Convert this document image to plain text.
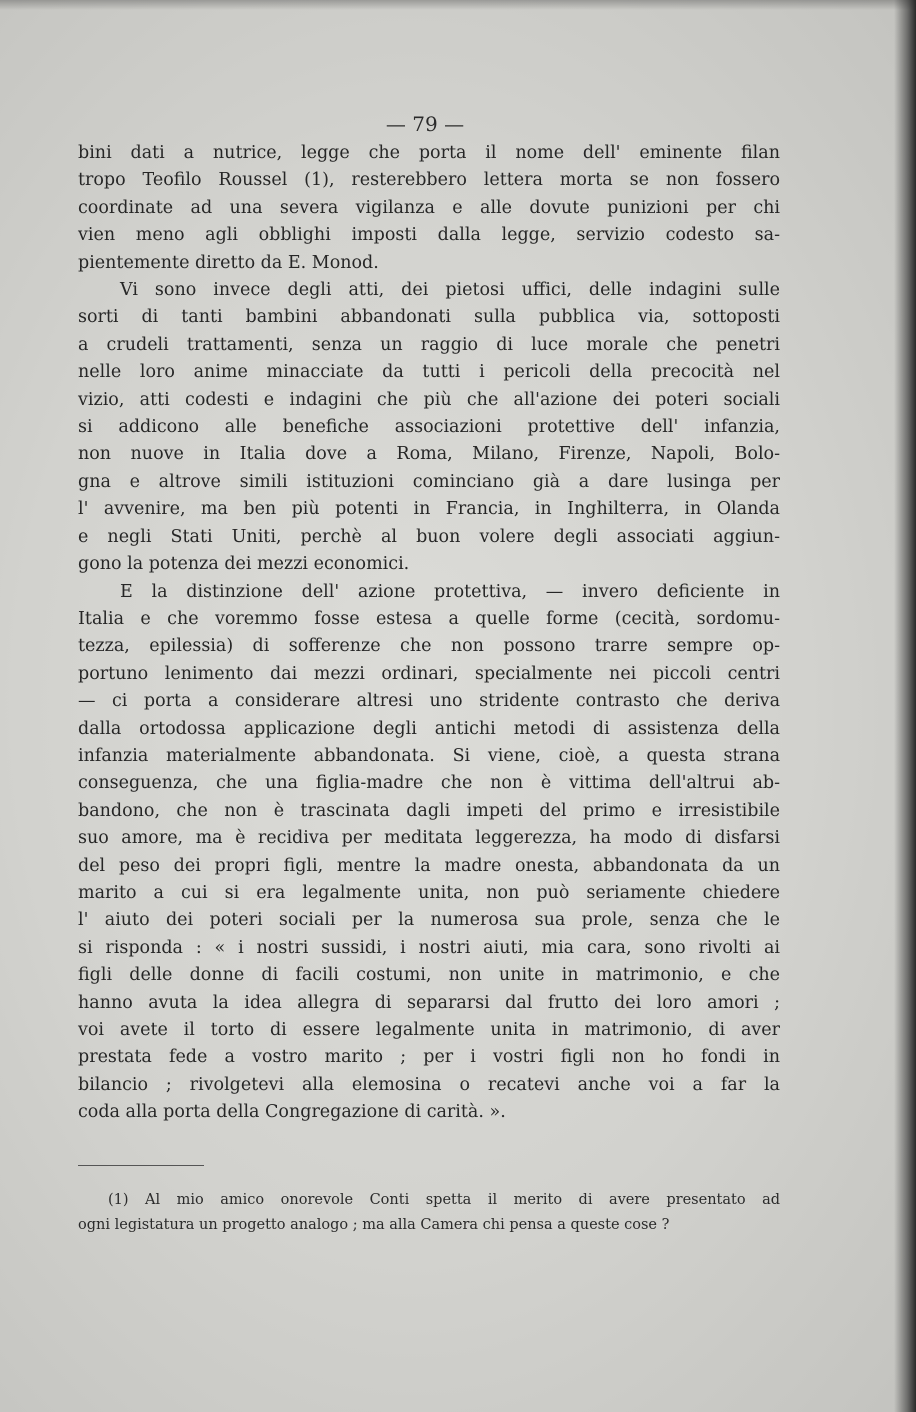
— 79 —
bini dati a nutrice, legge che porta il nome dell' eminente filan
tropo Teofilo Roussel (1), resterebbero lettera morta se non fossero
coordinate ad una severa vigilanza e alle dovute punizioni per chi
vien meno agli obblighi imposti dalla legge, servizio codesto sa-
pientemente diretto da E. Monod.
Vi sono invece degli atti, dei pietosi uffici, delle indagini sulle
sorti di tanti bambini abbandonati sulla pubblica via, sottoposti
a crudeli trattamenti, senza un raggio di luce morale che penetri
nelle loro anime minacciate da tutti i pericoli della precocità nel
vizio, atti codesti e indagini che più che all'azione dei poteri sociali
si addicono alle benefiche associazioni protettive dell' infanzia,
non nuove in Italia dove a Roma, Milano, Firenze, Napoli, Bolo-
gna e altrove simili istituzioni cominciano già a dare lusinga per
l' avvenire, ma ben più potenti in Francia, in Inghilterra, in Olanda
e negli Stati Uniti, perchè al buon volere degli associati aggiun-
gono la potenza dei mezzi economici.
E la distinzione dell' azione protettiva, — invero deficiente in
Italia e che voremmo fosse estesa a quelle forme (cecità, sordomu-
tezza, epilessia) di sofferenze che non possono trarre sempre op-
portuno lenimento dai mezzi ordinari, specialmente nei piccoli centri
— ci porta a considerare altresi uno stridente contrasto che deriva
dalla ortodossa applicazione degli antichi metodi di assistenza della
infanzia materialmente abbandonata. Si viene, cioè, a questa strana
conseguenza, che una figlia-madre che non è vittima dell'altrui ab-
bandono, che non è trascinata dagli impeti del primo e irresistibile
suo amore, ma è recidiva per meditata leggerezza, ha modo di disfarsi
del peso dei propri figli, mentre la madre onesta, abbandonata da un
marito a cui si era legalmente unita, non può seriamente chiedere
l' aiuto dei poteri sociali per la numerosa sua prole, senza che le
si risponda : « i nostri sussidi, i nostri aiuti, mia cara, sono rivolti ai
figli delle donne di facili costumi, non unite in matrimonio, e che
hanno avuta la idea allegra di separarsi dal frutto dei loro amori ;
voi avete il torto di essere legalmente unita in matrimonio, di aver
prestata fede a vostro marito ; per i vostri figli non ho fondi in
bilancio ; rivolgetevi alla elemosina o recatevi anche voi a far la
coda alla porta della Congregazione di carità. ».
(1) Al mio amico onorevole Conti spetta il merito di avere presentato ad
ogni legistatura un progetto analogo ; ma alla Camera chi pensa a queste cose ?
